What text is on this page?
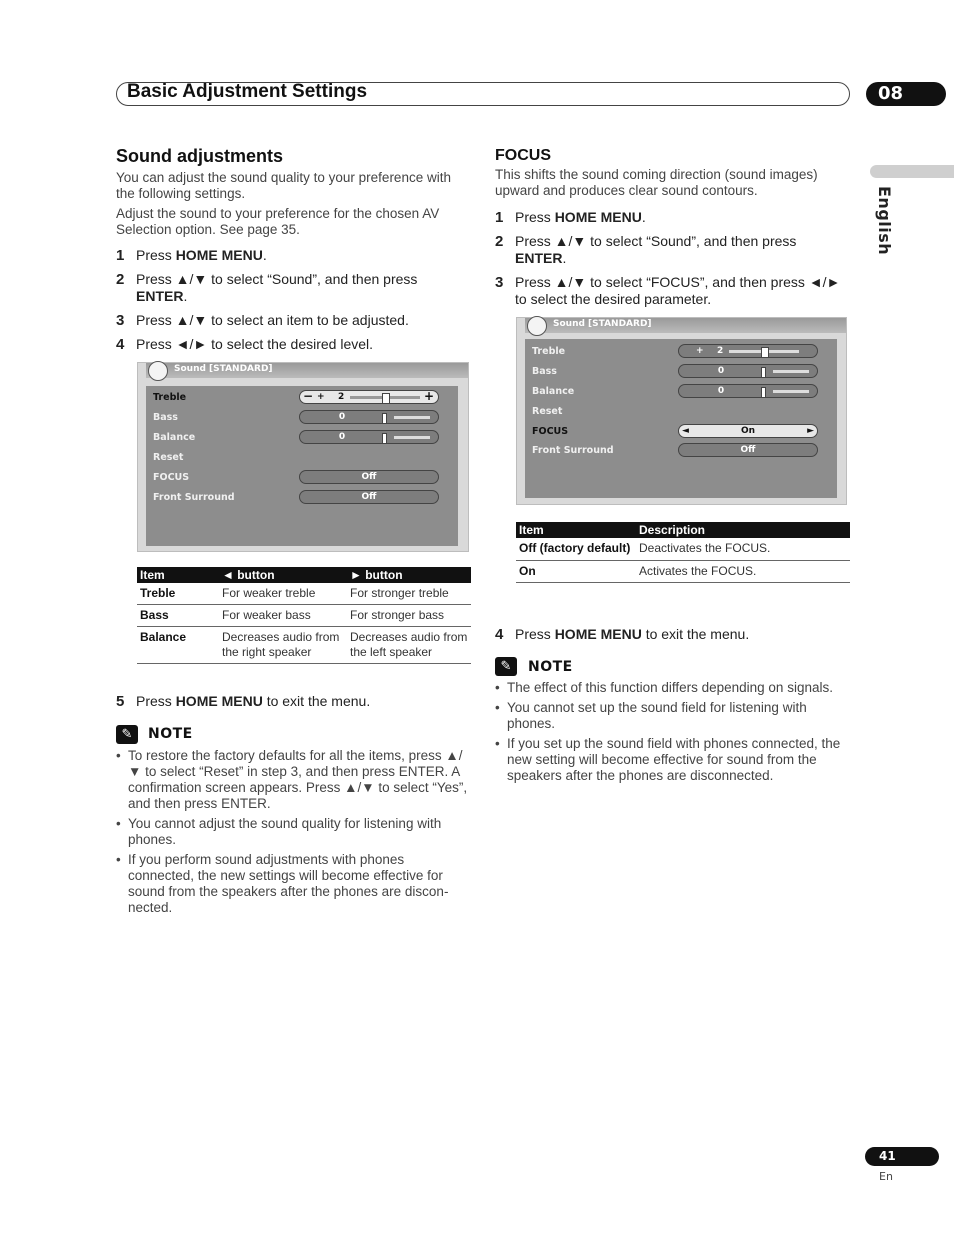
Basic Adjustment Settings	08
English
Sound adjustments
You can adjust the sound quality to your preference with the following settings.
Adjust the sound to your preference for the chosen AV Selection option. See page 35.
1 Press HOME MENU.
2 Press ▲/▼ to select “Sound”, and then press ENTER.
3 Press ▲/▼ to select an item to be adjusted.
4 Press ◄/► to select the desired level.
Sound [STANDARD]
Treble	− + 2	+
Bass	0
Balance	0
Reset
FOCUS	Off
Front Surround	Off
Item	◄ button	► button
Treble	For weaker treble	For stronger treble
Bass	For weaker bass	For stronger bass
Balance	Decreases audio from the right speaker	Decreases audio from the left speaker
5 Press HOME MENU to exit the menu.
✎	NOTE
• To restore the factory defaults for all the items, press ▲/▼ to select “Reset” in step 3, and then press ENTER. A confirmation screen appears. Press ▲/▼ to select “Yes”, and then press ENTER.
• You cannot adjust the sound quality for listening with phones.
• If you perform sound adjustments with phones connected, the new settings will become effective for sound from the speakers after the phones are discon-nected.
FOCUS
This shifts the sound coming direction (sound images) upward and produces clear sound contours.
1 Press HOME MENU.
2 Press ▲/▼ to select “Sound”, and then press ENTER.
3 Press ▲/▼ to select “FOCUS”, and then press ◄/► to select the desired parameter.
Sound [STANDARD]
Treble	+ 2
Bass	0
Balance	0
Reset
FOCUS	◄	On	►
Front Surround	Off
Item	Description
Off (factory default)	Deactivates the FOCUS.
On	Activates the FOCUS.
4 Press HOME MENU to exit the menu.
✎	NOTE
• The effect of this function differs depending on signals.
• You cannot set up the sound field for listening with phones.
• If you set up the sound field with phones connected, the new setting will become effective for sound from the speakers after the phones are disconnected.
41
En
